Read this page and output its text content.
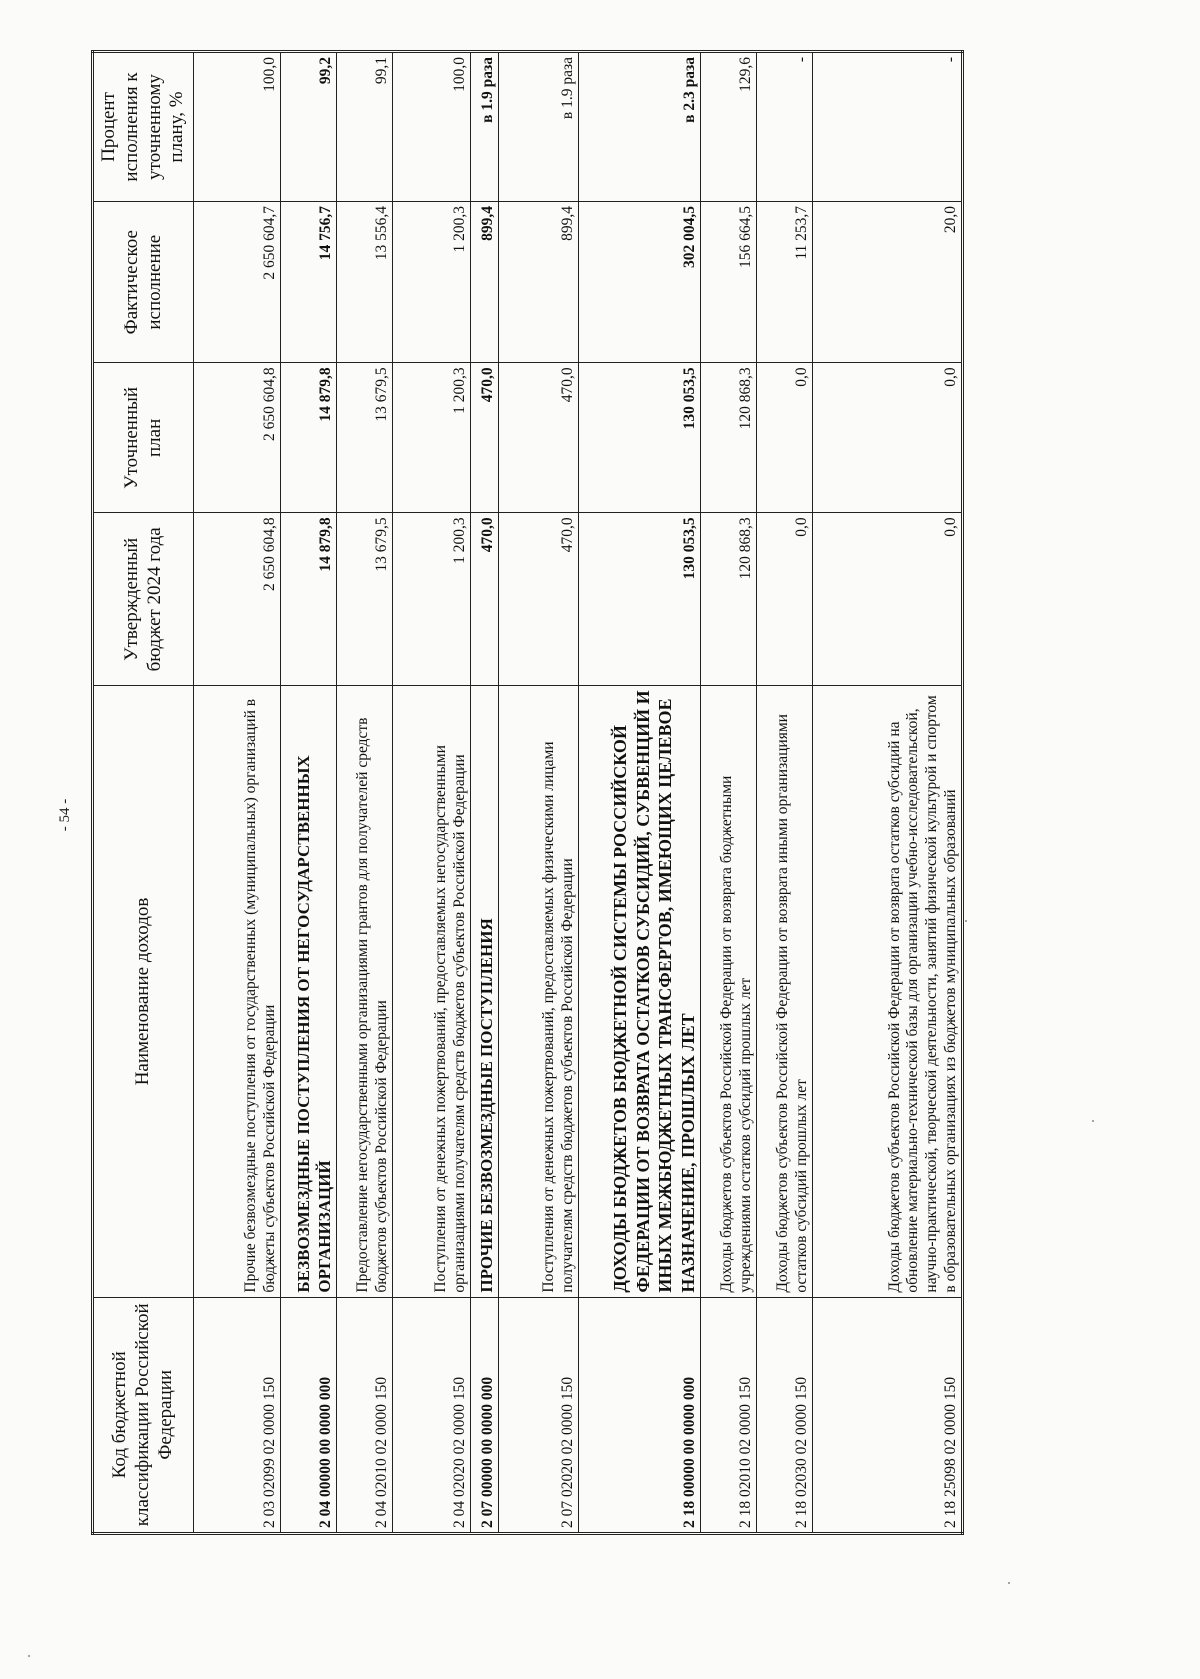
- 54 -
Код бюджетной классификации Российской Федерации	Наименование доходов	Утвержденный бюджет 2024 года	Уточненный план	Фактическое исполнение	Процент исполнения к уточненному плану, %
2 03 02099 02 0000 150	Прочие безвозмездные поступления от государственных (муниципальных) организаций в бюджеты субъектов Российской Федерации	2 650 604,8	2 650 604,8	2 650 604,7	100,0
2 04 00000 00 0000 000	БЕЗВОЗМЕЗДНЫЕ ПОСТУПЛЕНИЯ ОТ НЕГОСУДАРСТВЕННЫХ ОРГАНИЗАЦИЙ	14 879,8	14 879,8	14 756,7	99,2
2 04 02010 02 0000 150	Предоставление негосударственными организациями грантов для получателей средств бюджетов субъектов Российской Федерации	13 679,5	13 679,5	13 556,4	99,1
2 04 02020 02 0000 150	Поступления от денежных пожертвований, предоставляемых негосударственными организациями получателям средств бюджетов субъектов Российской Федерации	1 200,3	1 200,3	1 200,3	100,0
2 07 00000 00 0000 000	ПРОЧИЕ БЕЗВОЗМЕЗДНЫЕ ПОСТУПЛЕНИЯ	470,0	470,0	899,4	в 1.9 раза
2 07 02020 02 0000 150	Поступления от денежных пожертвований, предоставляемых физическими лицами получателям средств бюджетов субъектов Российской Федерации	470,0	470,0	899,4	в 1.9 раза
2 18 00000 00 0000 000	ДОХОДЫ БЮДЖЕТОВ БЮДЖЕТНОЙ СИСТЕМЫ РОССИЙСКОЙ ФЕДЕРАЦИИ ОТ ВОЗВРАТА ОСТАТКОВ СУБСИДИЙ, СУБВЕНЦИЙ И ИНЫХ МЕЖБЮДЖЕТНЫХ ТРАНСФЕРТОВ, ИМЕЮЩИХ ЦЕЛЕВОЕ НАЗНАЧЕНИЕ, ПРОШЛЫХ ЛЕТ	130 053,5	130 053,5	302 004,5	в 2.3 раза
2 18 02010 02 0000 150	Доходы бюджетов субъектов Российской Федерации от возврата бюджетными учреждениями остатков субсидий прошлых лет	120 868,3	120 868,3	156 664,5	129,6
2 18 02030 02 0000 150	Доходы бюджетов субъектов Российской Федерации от возврата иными организациями остатков субсидий прошлых лет	0,0	0,0	11 253,7	-
2 18 25098 02 0000 150	Доходы бюджетов субъектов Российской Федерации от возврата остатков субсидий на обновление материально-технической базы для организации учебно-исследовательской, научно-практической, творческой деятельности, занятий физической культурой и спортом в образовательных организациях из бюджетов муниципальных образований	0,0	0,0	20,0	-
